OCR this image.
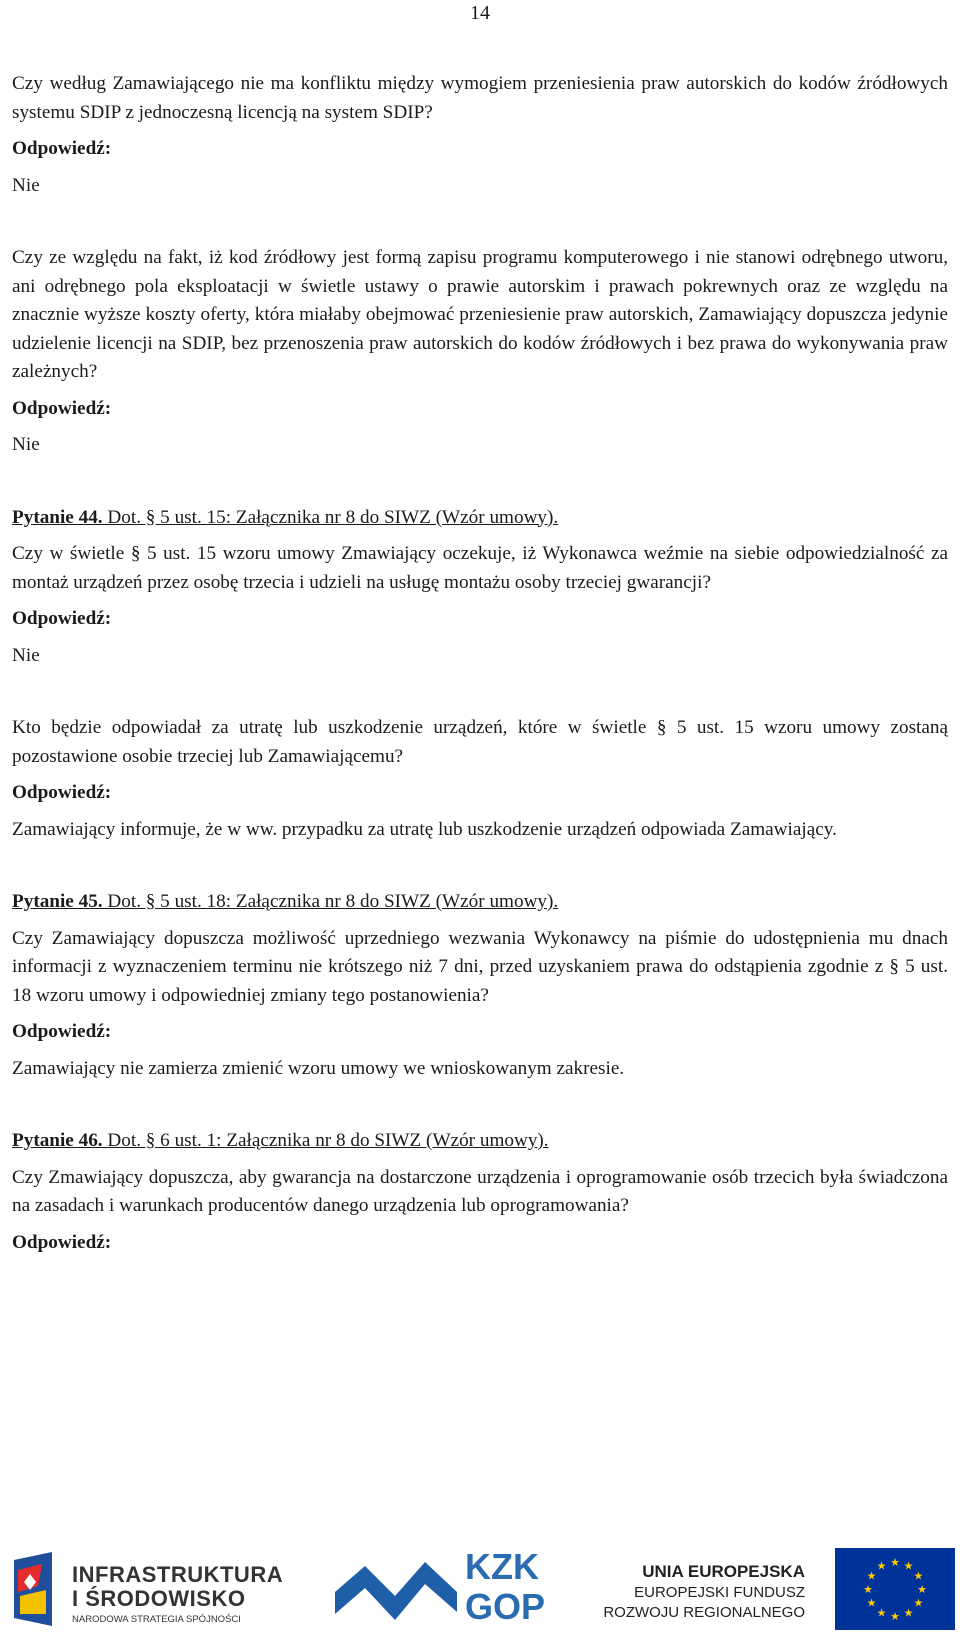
14

Czy według Zamawiającego nie ma konfliktu między wymogiem przeniesienia praw autorskich do kodów źródłowych systemu SDIP z jednoczesną licencją na system SDIP?

Odpowiedź:

Nie

Czy ze względu na fakt, iż kod źródłowy jest formą zapisu programu komputerowego i nie stanowi odrębnego utworu, ani odrębnego pola eksploatacji w świetle ustawy o prawie autorskim i prawach pokrewnych oraz ze względu na znacznie wyższe koszty oferty, która miałaby obejmować przeniesienie praw autorskich, Zamawiający dopuszcza jedynie udzielenie licencji na SDIP, bez przenoszenia praw autorskich do kodów źródłowych i bez prawa do wykonywania praw zależnych?

Odpowiedź:

Nie

Pytanie 44. Dot. § 5 ust. 15: Załącznika nr 8 do SIWZ (Wzór umowy).

Czy w świetle § 5 ust. 15 wzoru umowy Zmawiający oczekuje, iż Wykonawca weźmie na siebie odpowiedzialność za montaż urządzeń przez osobę trzecia i udzieli na usługę montażu osoby trzeciej gwarancji?

Odpowiedź:

Nie

Kto będzie odpowiadał za utratę lub uszkodzenie urządzeń, które w świetle § 5 ust. 15 wzoru umowy zostaną pozostawione osobie trzeciej lub Zamawiającemu?

Odpowiedź:

Zamawiający informuje, że w ww. przypadku za utratę lub uszkodzenie urządzeń odpowiada Zamawiający.

Pytanie 45. Dot. § 5 ust. 18: Załącznika nr 8 do SIWZ (Wzór umowy).

Czy Zamawiający dopuszcza możliwość uprzedniego wezwania Wykonawcy na piśmie do udostępnienia mu dnach informacji z wyznaczeniem terminu nie krótszego niż 7 dni, przed uzyskaniem prawa do odstąpienia zgodnie z § 5 ust. 18 wzoru umowy i odpowiedniej zmiany tego postanowienia?

Odpowiedź:

Zamawiający nie zamierza zmienić wzoru umowy we wnioskowanym zakresie.

Pytanie 46. Dot. § 6 ust. 1: Załącznika nr 8 do SIWZ (Wzór umowy).

Czy Zmawiający dopuszcza, aby gwarancja na dostarczone urządzenia i oprogramowanie osób trzecich była świadczona na zasadach i warunkach producentów danego urządzenia lub oprogramowania?

Odpowiedź:

INFRASTRUKTURA
I ŚRODOWISKO
NARODOWA STRATEGIA SPÓJNOŚCI
KZK
GOP
UNIA EUROPEJSKA
EUROPEJSKI FUNDUSZ
ROZWOJU REGIONALNEGO
★
★
★
★
★
★
★
★
★ ★ ★
★
